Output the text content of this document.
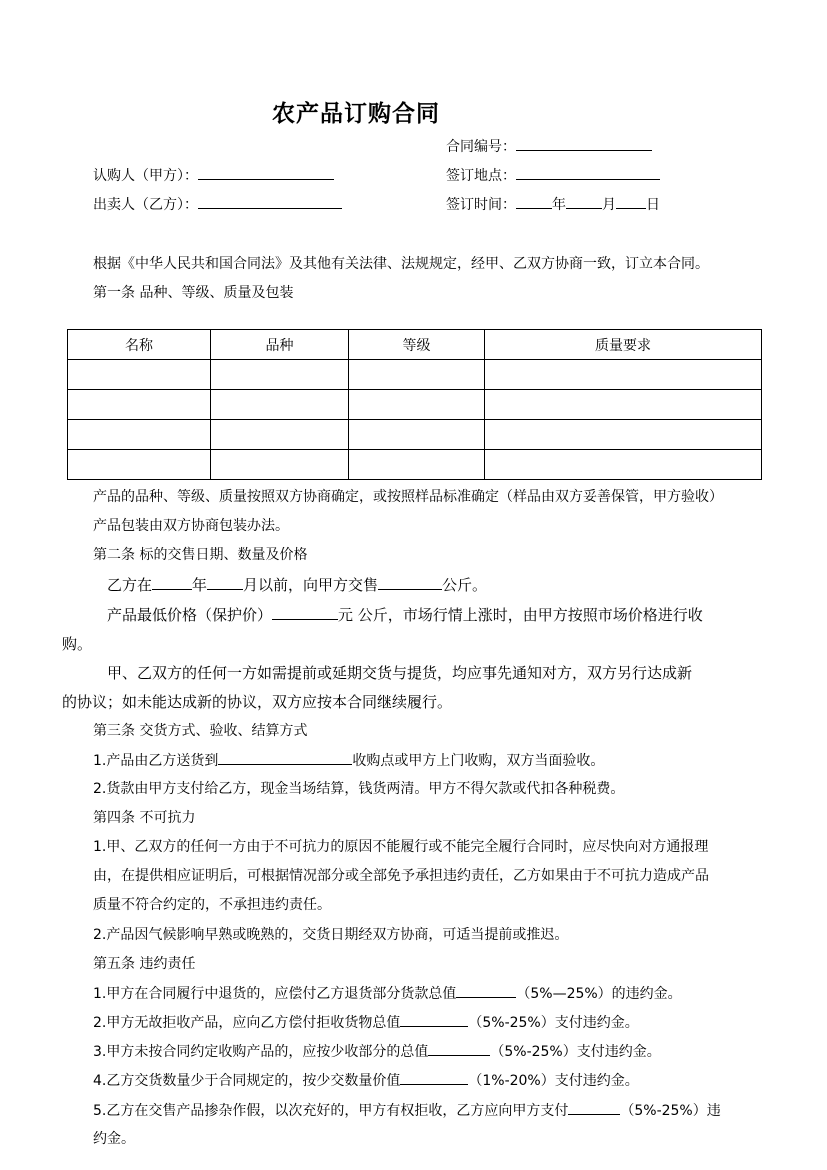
农产品订购合同
合同编号：
认购人（甲方）：	签订地点：
出卖人（乙方）：	签订时间：	年	月 日
根据《中华人民共和国合同法》及其他有关法律、法规规定，经甲、乙双方协商一致，订立本合同。
第一条 品种、等级、质量及包装
名称	品种	等级	质量要求

产品的品种、等级、质量按照双方协商确定，或按照样品标准确定（样品由双方妥善保管，甲方验收）
产品包装由双方协商包装办法。
第二条 标的交售日期、数量及价格
乙方在	年 月以前，向甲方交售	公斤。
产品最低价格（保护价）	元 公斤，市场行情上涨时，由甲方按照市场价格进行收
购。
甲、乙双方的任何一方如需提前或延期交货与提货，均应事先通知对方，双方另行达成新
的协议；如未能达成新的协议，双方应按本合同继续履行。
第三条 交货方式、验收、结算方式
1.产品由乙方送货到	收购点或甲方上门收购，双方当面验收。
2.货款由甲方支付给乙方，现金当场结算，钱货两清。甲方不得欠款或代扣各种税费。
第四条 不可抗力
1.甲、乙双方的任何一方由于不可抗力的原因不能履行或不能完全履行合同时，应尽快向对方通报理
由，在提供相应证明后，可根据情况部分或全部免予承担违约责任，乙方如果由于不可抗力造成产品
质量不符合约定的，不承担违约责任。
2.产品因气候影响早熟或晚熟的，交货日期经双方协商，可适当提前或推迟。
第五条 违约责任
1.甲方在合同履行中退货的，应偿付乙方退货部分货款总值	（5%—25%）的违约金。
2.甲方无故拒收产品，应向乙方偿付拒收货物总值	（5%-25%）支付违约金。
3.甲方未按合同约定收购产品的，应按少收部分的总值	（5%-25%）支付违约金。
4.乙方交货数量少于合同规定的，按少交数量价值	（1%-20%）支付违约金。
5.乙方在交售产品掺杂作假，以次充好的，甲方有权拒收，乙方应向甲方支付	（5%-25%）违
约金。
